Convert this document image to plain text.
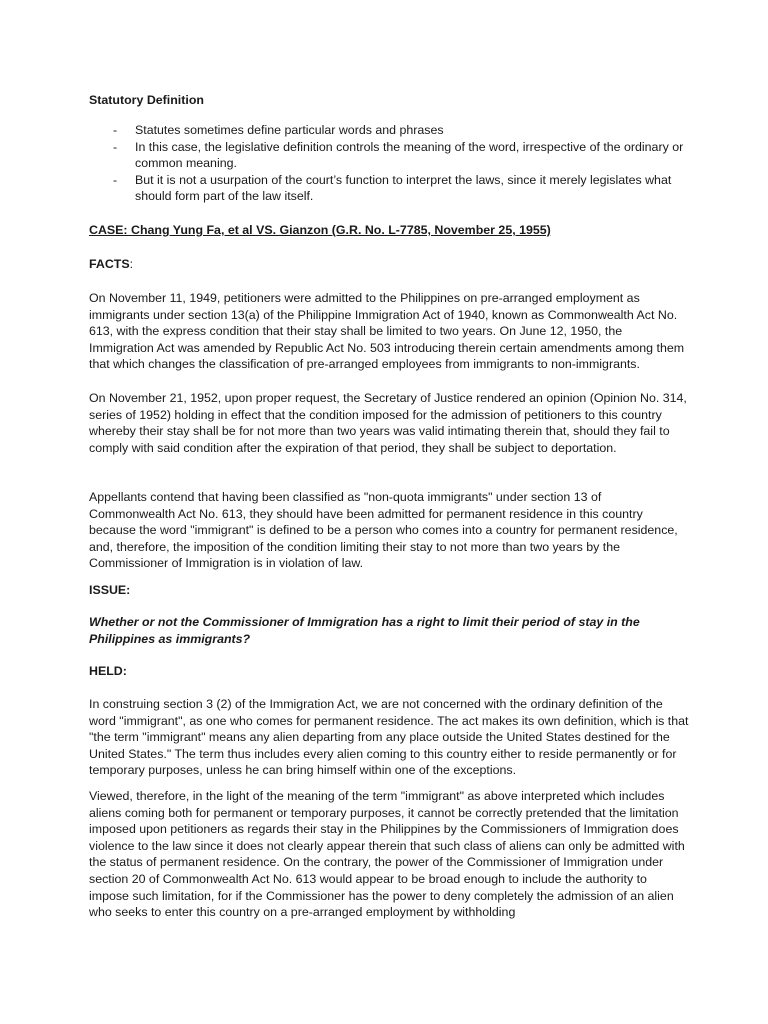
Statutory Definition
- Statutes sometimes define particular words and phrases
- In this case, the legislative definition controls the meaning of the word, irrespective of the ordinary or common meaning.
- But it is not a usurpation of the court’s function to interpret the laws, since it merely legislates what should form part of the law itself.
CASE: Chang Yung Fa, et al VS. Gianzon (G.R. No. L-7785, November 25, 1955)
FACTS:

On November 11, 1949, petitioners were admitted to the Philippines on pre-arranged employment as immigrants under section 13(a) of the Philippine Immigration Act of 1940, known as Commonwealth Act No. 613, with the express condition that their stay shall be limited to two years. On June 12, 1950, the Immigration Act was amended by Republic Act No. 503 introducing therein certain amendments among them that which changes the classification of pre-arranged employees from immigrants to non-immigrants.

On November 21, 1952, upon proper request, the Secretary of Justice rendered an opinion (Opinion No. 314, series of 1952) holding in effect that the condition imposed for the admission of petitioners to this country whereby their stay shall be for not more than two years was valid intimating therein that, should they fail to comply with said condition after the expiration of that period, they shall be subject to deportation.

Appellants contend that having been classified as "non-quota immigrants" under section 13 of Commonwealth Act No. 613, they should have been admitted for permanent residence in this country because the word "immigrant" is defined to be a person who comes into a country for permanent residence, and, therefore, the imposition of the condition limiting their stay to not more than two years by the Commissioner of Immigration is in violation of law.

ISSUE:

Whether or not the Commissioner of Immigration has a right to limit their period of stay in the Philippines as immigrants?

HELD:

In construing section 3 (2) of the Immigration Act, we are not concerned with the ordinary definition of the word "immigrant", as one who comes for permanent residence. The act makes its own definition, which is that "the term "immigrant" means any alien departing from any place outside the United States destined for the United States." The term thus includes every alien coming to this country either to reside permanently or for temporary purposes, unless he can bring himself within one of the exceptions.

Viewed, therefore, in the light of the meaning of the term "immigrant" as above interpreted which includes aliens coming both for permanent or temporary purposes, it cannot be correctly pretended that the limitation imposed upon petitioners as regards their stay in the Philippines by the Commissioners of Immigration does violence to the law since it does not clearly appear therein that such class of aliens can only be admitted with the status of permanent residence. On the contrary, the power of the Commissioner of Immigration under section 20 of Commonwealth Act No. 613 would appear to be broad enough to include the authority to impose such limitation, for if the Commissioner has the power to deny completely the admission of an alien who seeks to enter this country on a pre-arranged employment by withholding
